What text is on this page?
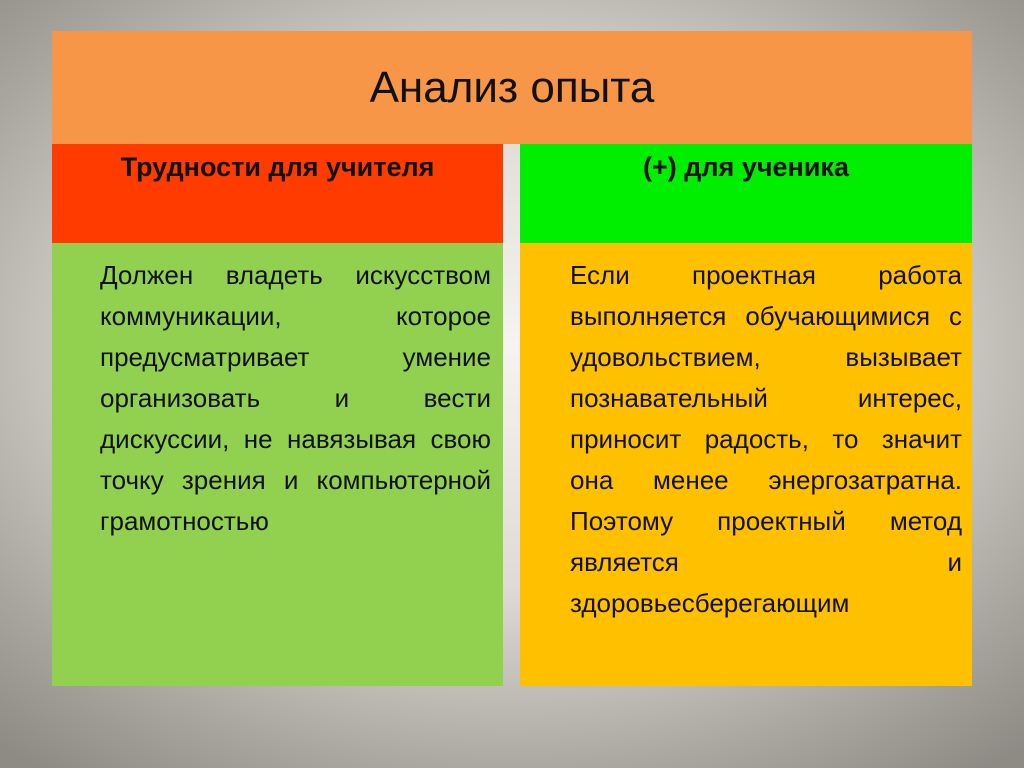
Анализ опыта
Трудности для учителя	(+) для ученика

Должен владеть искусством коммуникации, которое предусматривает умение организовать и вести дискуссии, не навязывая свою точку зрения и компьютерной грамотностью

Если проектная работа выполняется обучающимися с удовольствием, вызывает познавательный интерес, приносит радость, то значит она менее энергозатратна. Поэтому проектный метод является и здоровьесберегающим
